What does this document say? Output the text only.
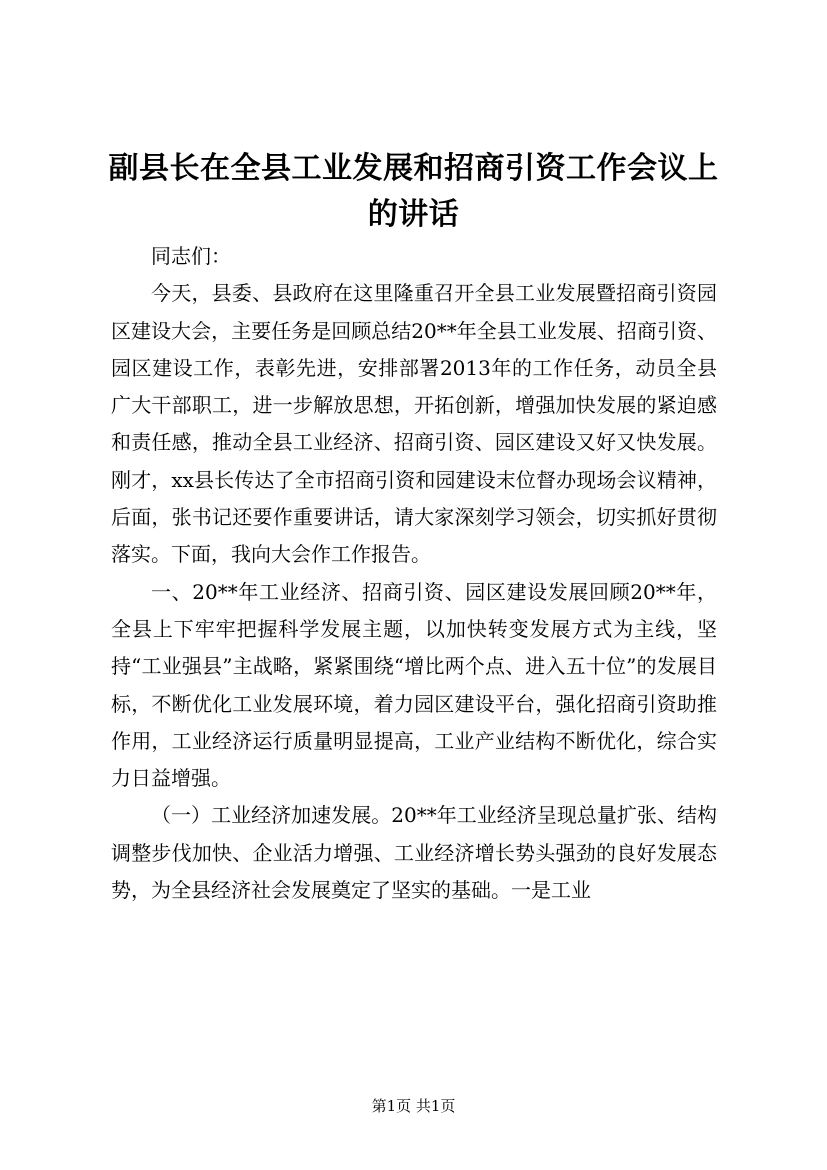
副县长在全县工业发展和招商引资工作会议上的讲话

同志们：

今天，县委、县政府在这里隆重召开全县工业发展暨招商引资园区建设大会，主要任务是回顾总结20**年全县工业发展、招商引资、园区建设工作，表彰先进，安排部署2013年的工作任务，动员全县广大干部职工，进一步解放思想，开拓创新，增强加快发展的紧迫感和责任感，推动全县工业经济、招商引资、园区建设又好又快发展。刚才，xx县长传达了全市招商引资和园建设末位督办现场会议精神，后面，张书记还要作重要讲话，请大家深刻学习领会，切实抓好贯彻落实。下面，我向大会作工作报告。

一、20**年工业经济、招商引资、园区建设发展回顾20**年，全县上下牢牢把握科学发展主题，以加快转变发展方式为主线，坚持“工业强县”主战略，紧紧围绕“增比两个点、进入五十位”的发展目标，不断优化工业发展环境，着力园区建设平台，强化招商引资助推作用，工业经济运行质量明显提高，工业产业结构不断优化，综合实力日益增强。

（一）工业经济加速发展。20**年工业经济呈现总量扩张、结构调整步伐加快、企业活力增强、工业经济增长势头强劲的良好发展态势，为全县经济社会发展奠定了坚实的基础。一是工业

第1页 共1页
